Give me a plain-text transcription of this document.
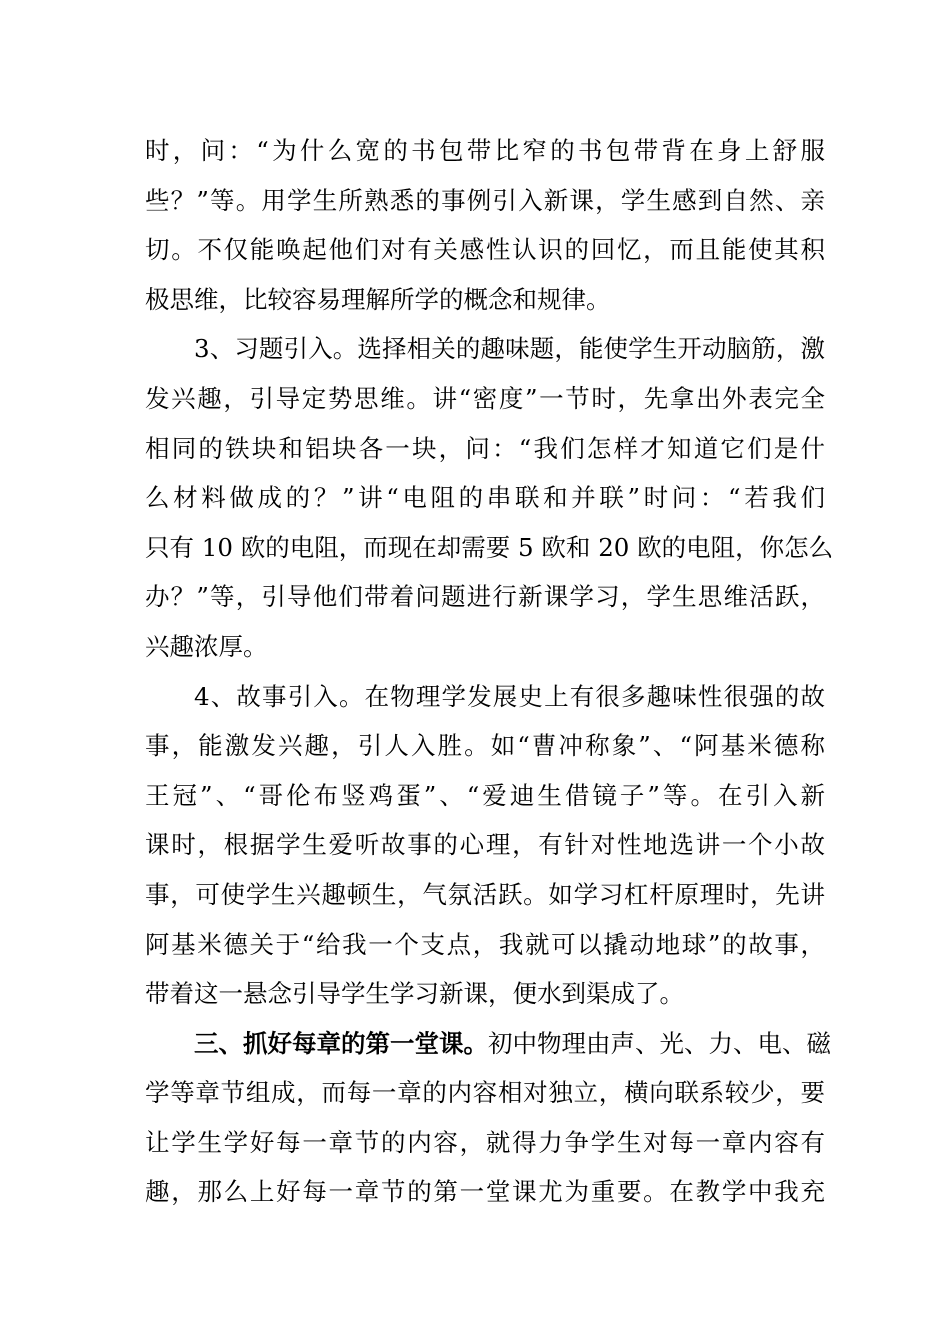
时，问：“为什么宽的书包带比窄的书包带背在身上舒服
些？”等。用学生所熟悉的事例引入新课，学生感到自然、亲
切。不仅能唤起他们对有关感性认识的回忆，而且能使其积
极思维，比较容易理解所学的概念和规律。
3、习题引入。选择相关的趣味题，能使学生开动脑筋，激
发兴趣，引导定势思维。讲“密度”一节时，先拿出外表完全
相同的铁块和铝块各一块，问：“我们怎样才知道它们是什
么材料做成的？”讲“电阻的串联和并联”时问：“若我们
只有 10 欧的电阻，而现在却需要 5 欧和 20 欧的电阻，你怎么
办？”等，引导他们带着问题进行新课学习，学生思维活跃，
兴趣浓厚。
4、故事引入。在物理学发展史上有很多趣味性很强的故
事，能激发兴趣，引人入胜。如“曹冲称象”、“阿基米德称
王冠”、“哥伦布竖鸡蛋”、“爱迪生借镜子”等。在引入新
课时，根据学生爱听故事的心理，有针对性地选讲一个小故
事，可使学生兴趣顿生，气氛活跃。如学习杠杆原理时，先讲
阿基米德关于“给我一个支点，我就可以撬动地球”的故事，
带着这一悬念引导学生学习新课，便水到渠成了。
三、抓好每章的第一堂课。初中物理由声、光、力、电、磁
学等章节组成，而每一章的内容相对独立，横向联系较少，要
让学生学好每一章节的内容，就得力争学生对每一章内容有
趣，那么上好每一章节的第一堂课尤为重要。在教学中我充
